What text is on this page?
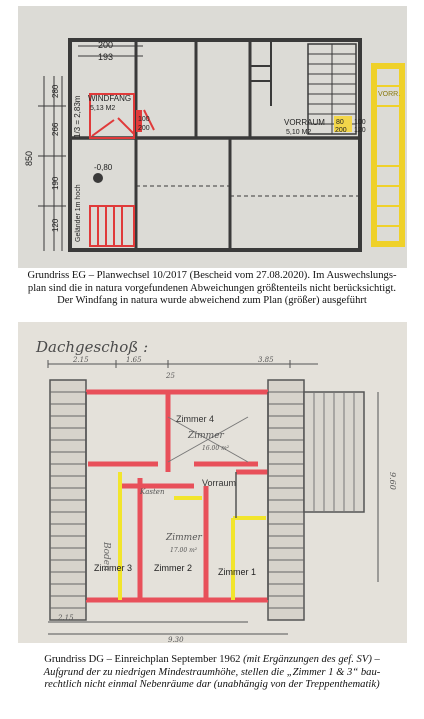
200
193
280
266
190
120
850
WINDFANG
5,13 M2
1/3 = 2,83m
Geländer 1m hoch
-0,80
VORRAUM
5,10 M2
100
200
80
200
100
120
VORR.
Grundriss EG – Planwechsel 10/2017 (Bescheid vom 27.08.2020). Im Auswechslungs-
plan sind die in natura vorgefundenen Abweichungen größtenteils nicht berücksichtigt.
Der Windfang in natura wurde abweichend zum Plan (größer) ausgeführt
Dachgeschoß :
2.15	1.65	3.85
25
Zimmer 4
Zimmer
16.00 m²
Vorraum
Kasten
Zimmer
17.00 m²
Zimmer 3 Zimmer 2	Zimmer 1
Boden
9.60
2.15
9.30
Grundriss DG – Einreichplan September 1962 (mit Ergänzungen des gef. SV) –
Aufgrund der zu niedrigen Mindestraumhöhe, stellen die „Zimmer 1 & 3“ bau-
rechtlich nicht einmal Nebenräume dar (unabhängig von der Treppenthematik)
